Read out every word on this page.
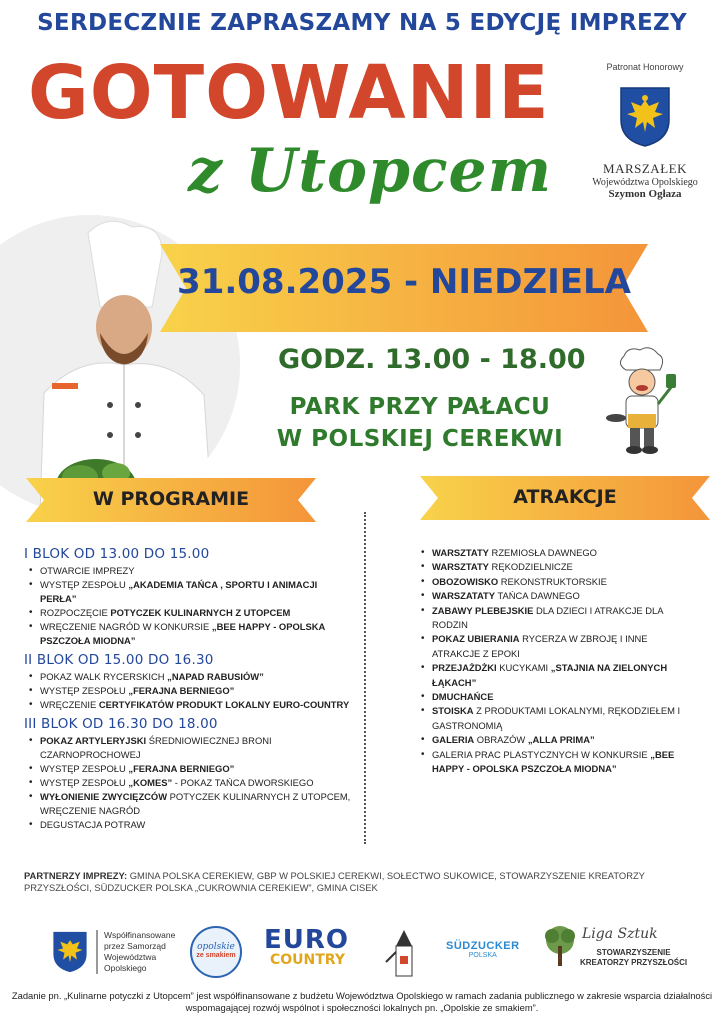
SERDECZNIE ZAPRASZAMY NA 5 EDYCJĘ IMPREZY
GOTOWANIE
z Utopcem
Patronat Honorowy
MARSZAŁEK
Województwa Opolskiego
Szymon Ogłaza
31.08.2025 - NIEDZIELA
GODZ. 13.00 - 18.00
PARK PRZY PAŁACU
W POLSKIEJ CEREKWI
W PROGRAMIE	ATRAKCJE
I BLOK OD 13.00 DO 15.00
• OTWARCIE IMPREZY
• WYSTĘP ZESPOŁU „AKADEMIA TAŃCA , SPORTU I ANIMACJI PERŁA”
• ROZPOCZĘCIE POTYCZEK KULINARNYCH Z UTOPCEM
• WRĘCZENIE NAGRÓD W KONKURSIE „BEE HAPPY - OPOLSKA PSZCZOŁA MIODNA”
II BLOK OD 15.00 DO 16.30
• POKAZ WALK RYCERSKICH „NAPAD RABUSIÓW”
• WYSTĘP ZESPOŁU „FERAJNA BERNIEGO”
• WRĘCZENIE CERTYFIKATÓW PRODUKT LOKALNY EURO-COUNTRY
III BLOK OD 16.30 DO 18.00
• POKAZ ARTYLERYJSKI ŚREDNIOWIECZNEJ BRONI CZARNOPROCHOWEJ
• WYSTĘP ZESPOŁU „FERAJNA BERNIEGO”
• WYSTĘP ZESPOŁU „KOMES” - POKAZ TAŃCA DWORSKIEGO
• WYŁONIENIE ZWYCIĘZCÓW POTYCZEK KULINARNYCH Z UTOPCEM, WRĘCZENIE NAGRÓD
• DEGUSTACJA POTRAW
• WARSZTATY RZEMIOSŁA DAWNEGO
• WARSZTATY RĘKODZIELNICZE
• OBOZOWISKO REKONSTRUKTORSKIE
• WARSZATATY TAŃCA DAWNEGO
• ZABAWY PLEBEJSKIE DLA DZIECI I ATRAKCJE DLA RODZIN
• POKAZ UBIERANIA RYCERZA W ZBROJĘ I INNE ATRAKCJE Z EPOKI
• PRZEJAŻDŻKI KUCYKAMI „STAJNIA NA ZIELONYCH ŁĄKACH”
• DMUCHAŃCE
• STOISKA Z PRODUKTAMI LOKALNYMI, RĘKODZIEŁEM I GASTRONOMIĄ
• GALERIA OBRAZÓW „ALLA PRIMA”
• GALERIA PRAC PLASTYCZNYCH W KONKURSIE „BEE HAPPY - OPOLSKA PSZCZOŁA MIODNA”
PARTNERZY IMPREZY: GMINA POLSKA CEREKIEW, GBP W POLSKIEJ CEREKWI, SOŁECTWO SUKOWICE, STOWARZYSZENIE KREATORZY PRZYSZŁOŚCI, SÜDZUCKER POLSKA „CUKROWNIA CEREKIEW”, GMINA CISEK
Współfinansowane
przez Samorząd
Województwa
Opolskiego
opolskie
ze smakiem
EURO
COUNTRY
SÜDZUCKER
POLSKA
Liga Sztuk
STOWARZYSZENIE
KREATORZY PRZYSZŁOŚCI
Zadanie pn. „Kulinarne potyczki z Utopcem” jest współfinansowane z budżetu Województwa Opolskiego w ramach zadania publicznego w zakresie wsparcia działalności
wspomagającej rozwój wspólnot i społeczności lokalnych pn. „Opolskie ze smakiem”.
